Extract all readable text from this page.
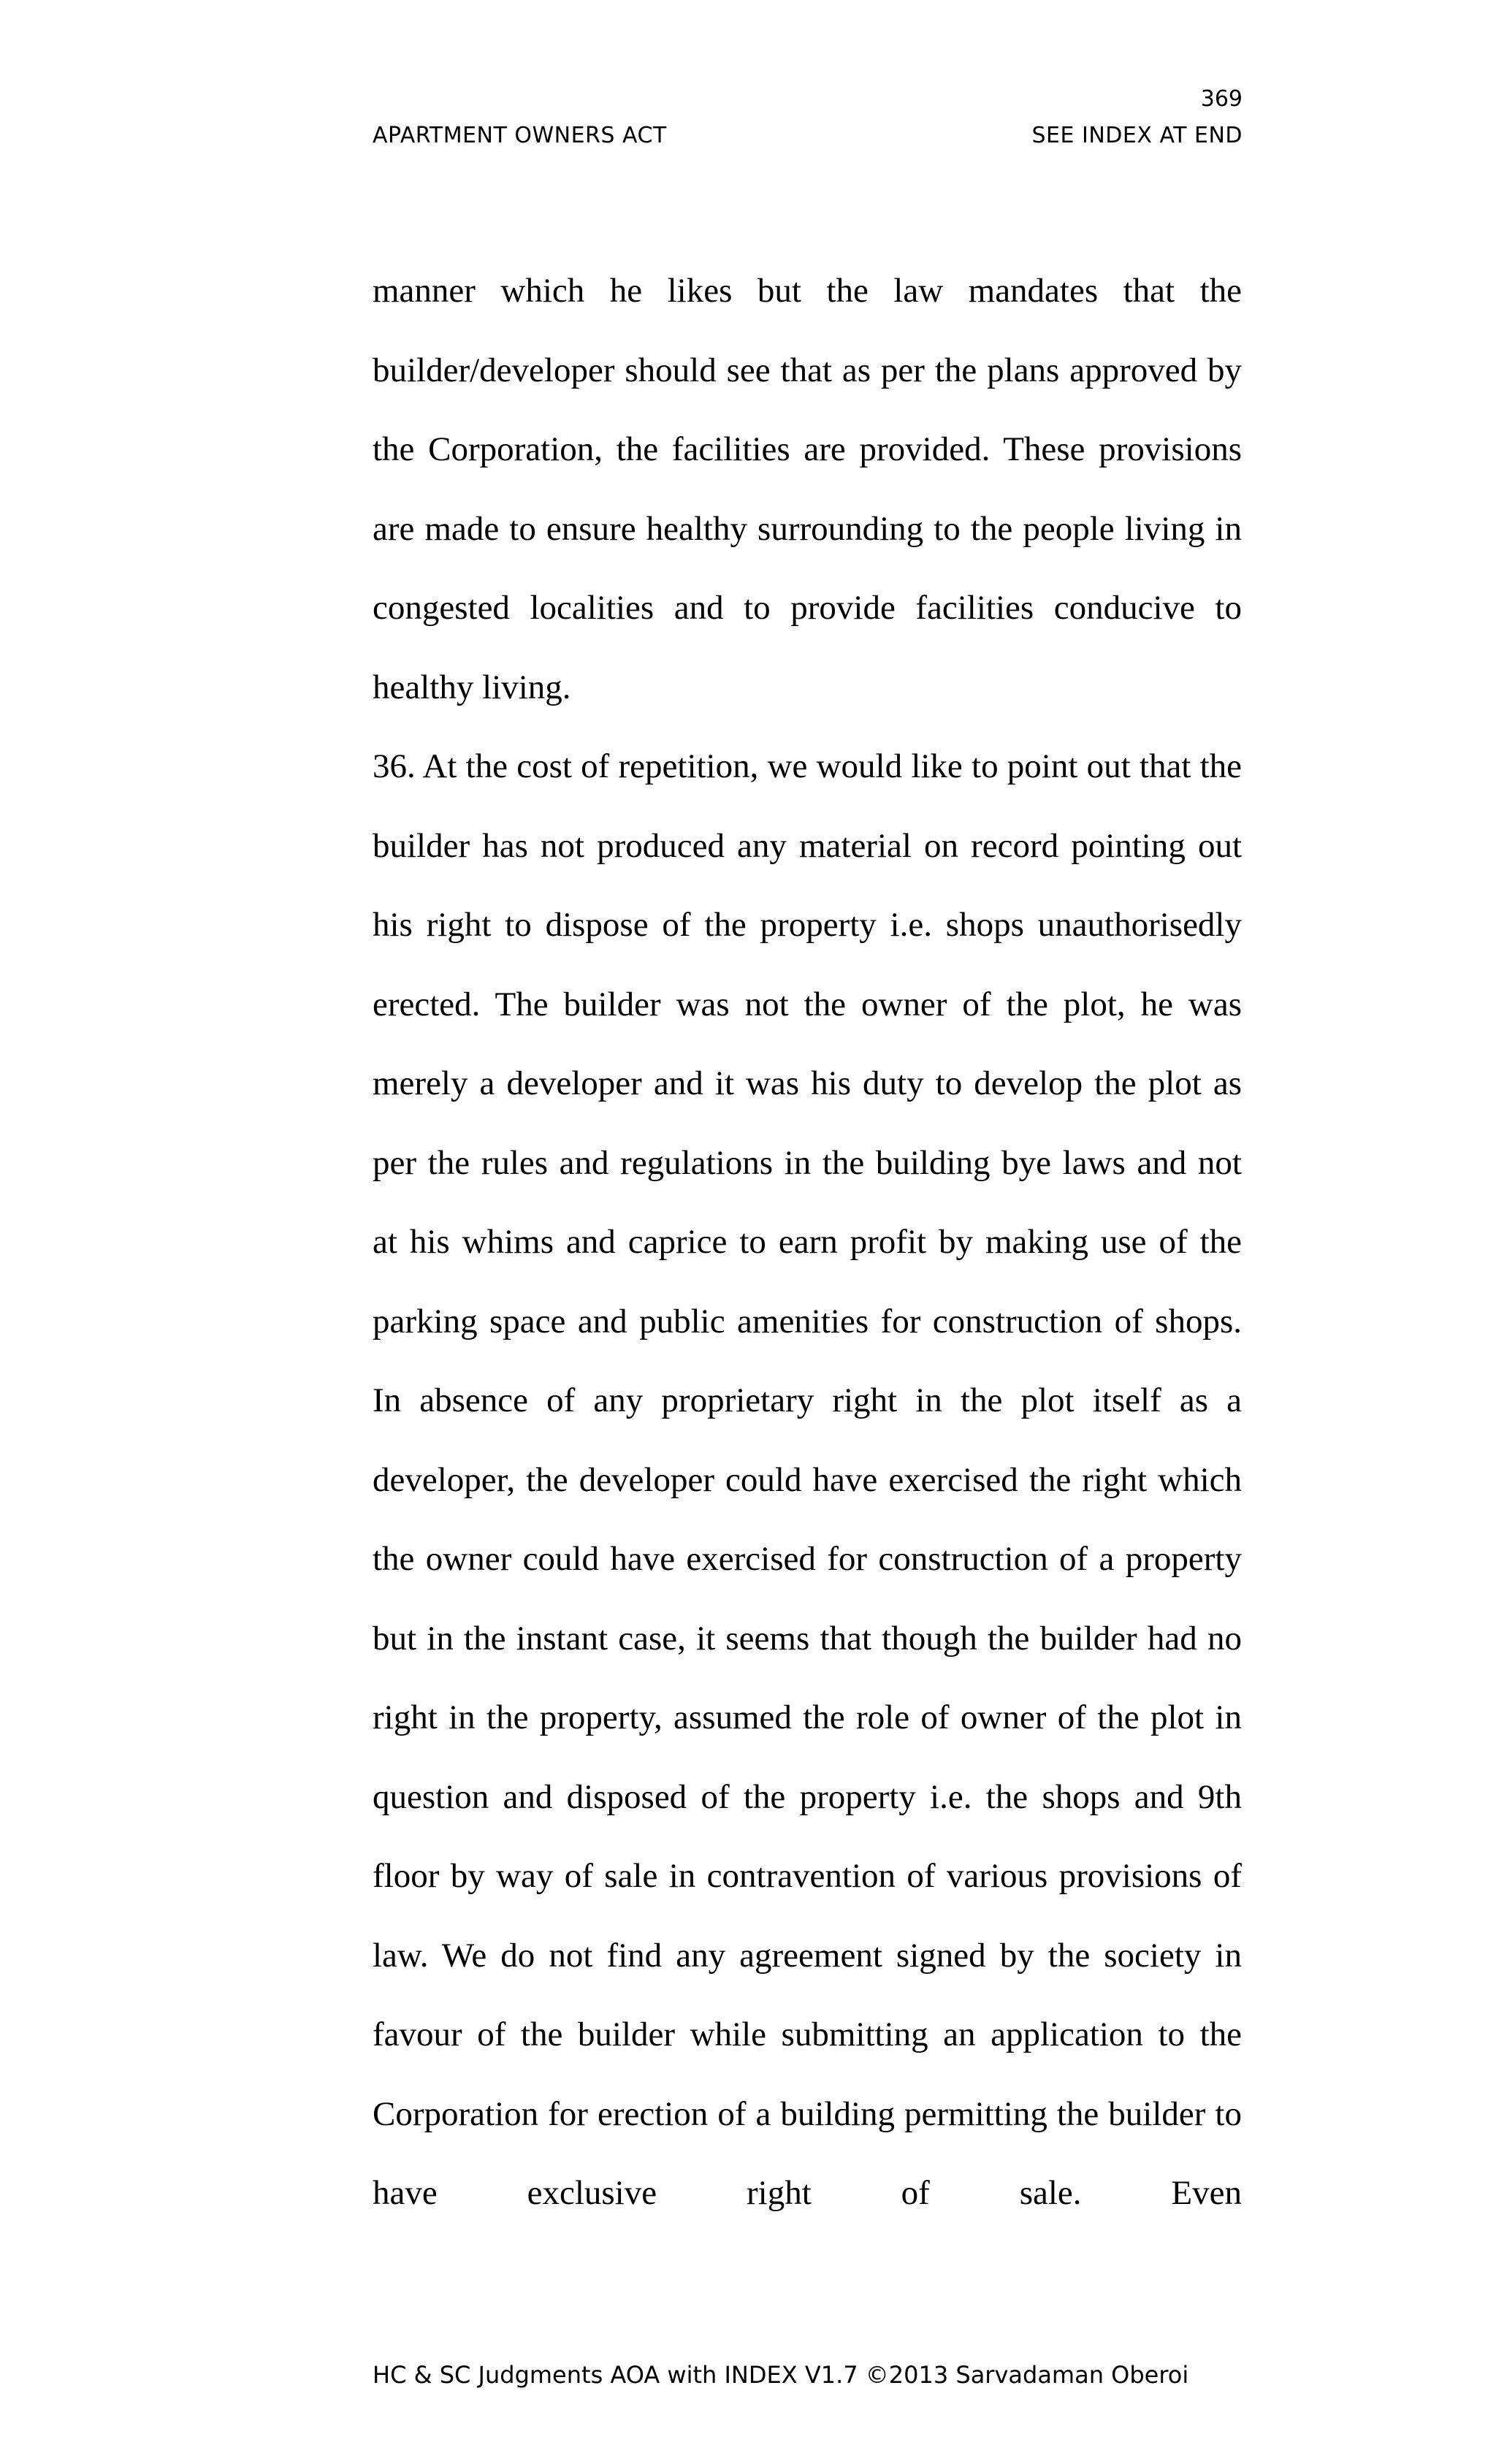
369
APARTMENT OWNERS ACT	SEE INDEX AT END

manner which he likes but the law mandates that the builder/developer should see that as per the plans approved by the Corporation, the facilities are provided. These provisions are made to ensure healthy surrounding to the people living in congested localities and to provide facilities conducive to healthy living.

36. At the cost of repetition, we would like to point out that the builder has not produced any material on record pointing out his right to dispose of the property i.e. shops unauthorisedly erected. The builder was not the owner of the plot, he was merely a developer and it was his duty to develop the plot as per the rules and regulations in the building bye laws and not at his whims and caprice to earn profit by making use of the parking space and public amenities for construction of shops. In absence of any proprietary right in the plot itself as a developer, the developer could have exercised the right which the owner could have exercised for construction of a property but in the instant case, it seems that though the builder had no right in the property, assumed the role of owner of the plot in question and disposed of the property i.e. the shops and 9th floor by way of sale in contravention of various provisions of law. We do not find any agreement signed by the society in favour of the builder while submitting an application to the Corporation for erection of a building permitting the builder to have exclusive right of sale. Even

HC & SC Judgments AOA with INDEX V1.7 ©2013 Sarvadaman Oberoi
